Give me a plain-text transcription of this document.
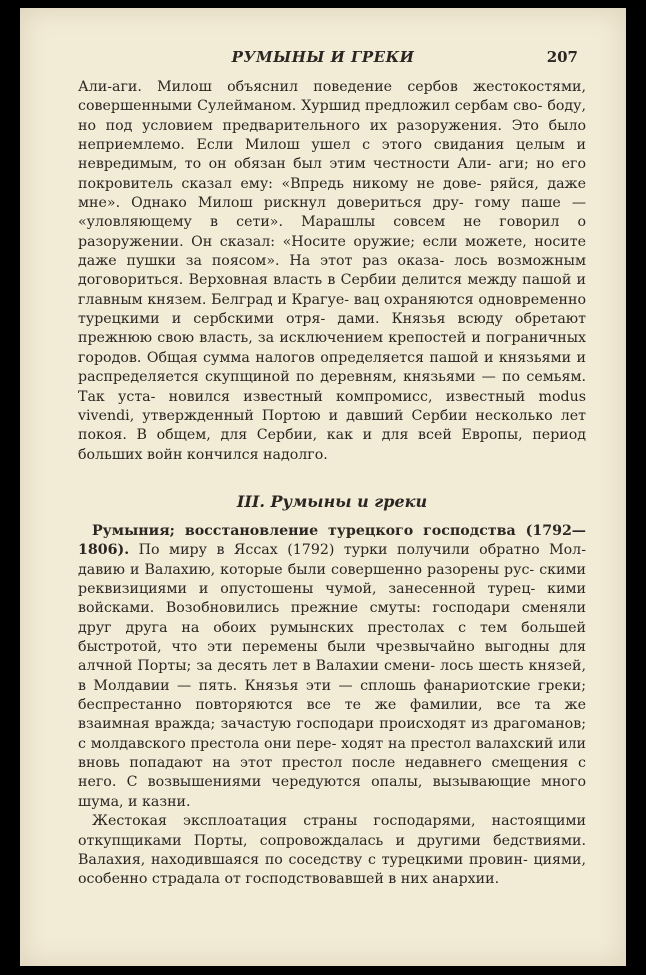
РУМЫНЫ И ГРЕКИ	207

Али-аги. Милош объяснил поведение сербов жестокостями, совершенными Сулейманом. Хуршид предложил сербам сво- боду, но под условием предварительного их разоружения. Это было неприемлемо. Если Милош ушел с этого свидания целым и невредимым, то он обязан был этим честности Али- аги; но его покровитель сказал ему: «Впредь никому не дове- ряйся, даже мне». Однако Милош рискнул довериться дру- гому паше — «уловляющему в сети». Марашлы совсем не говорил о разоружении. Он сказал: «Носите оружие; если можете, носите даже пушки за поясом». На этот раз оказа- лось возможным договориться. Верховная власть в Сербии делится между пашой и главным князем. Белград и Крагуе- вац охраняются одновременно турецкими и сербскими отря- дами. Князья всюду обретают прежнюю свою власть, за исключением крепостей и пограничных городов. Общая сумма налогов определяется пашой и князьями и распределяется скупщиной по деревням, князьями — по семьям. Так уста- новился известный компромисс, известный modus vivendi, утвержденный Портою и давший Сербии несколько лет покоя. В общем, для Сербии, как и для всей Европы, период больших войн кончился надолго.

III. Румыны и греки

Румыния; восстановление турецкого господства (1792— 1806). По миру в Яссах (1792) турки получили обратно Мол- давию и Валахию, которые были совершенно разорены рус- скими реквизициями и опустошены чумой, занесенной турец- кими войсками. Возобновились прежние смуты: господари сменяли друг друга на обоих румынских престолах с тем большей быстротой, что эти перемены были чрезвычайно выгодны для алчной Порты; за десять лет в Валахии смени- лось шесть князей, в Молдавии — пять. Князья эти — сплошь фанариотские греки; беспрестанно повторяются все те же фамилии, все та же взаимная вражда; зачастую господари происходят из драгоманов; с молдавского престола они пере- ходят на престол валахский или вновь попадают на этот престол после недавнего смещения с него. С возвышениями чередуются опалы, вызывающие много шума, и казни.

Жестокая эксплоатация страны господарями, настоящими откупщиками Порты, сопровождалась и другими бедствиями. Валахия, находившаяся по соседству с турецкими провин- циями, особенно страдала от господствовавшей в них анархии.
